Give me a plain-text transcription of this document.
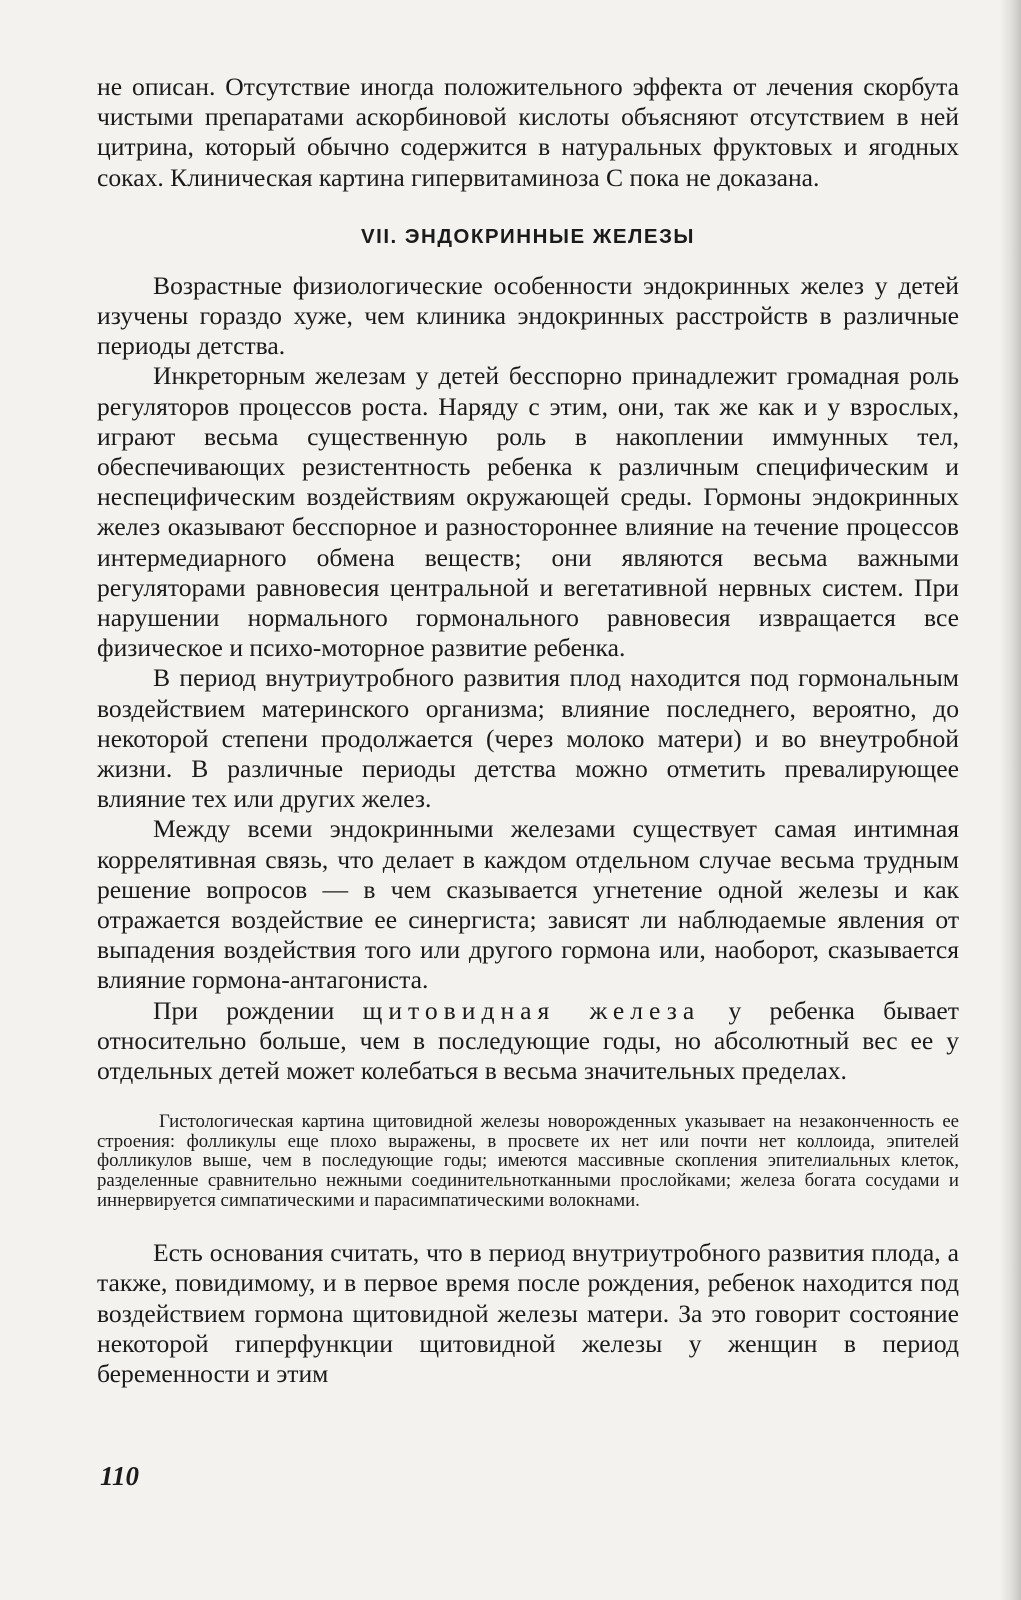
не описан. Отсутствие иногда положительного эффекта от лечения скорбута чистыми препаратами аскорбиновой кислоты объясняют отсутствием в ней цитрина, который обычно содержится в натуральных фруктовых и ягодных соках. Клиническая картина гипервитаминоза С пока не доказана.

VII. ЭНДОКРИННЫЕ ЖЕЛЕЗЫ

Возрастные физиологические особенности эндокринных желез у детей изучены гораздо хуже, чем клиника эндокринных расстройств в различные периоды детства.

Инкреторным железам у детей бесспорно принадлежит громадная роль регуляторов процессов роста. Наряду с этим, они, так же как и у взрослых, играют весьма существенную роль в накоплении иммунных тел, обеспечивающих резистентность ребенка к различным специфическим и неспецифическим воздействиям окружающей среды. Гормоны эндокринных желез оказывают бесспорное и разностороннее влияние на течение процессов интермедиарного обмена веществ; они являются весьма важными регуляторами равновесия центральной и вегетативной нервных систем. При нарушении нормального гормонального равновесия извращается все физическое и психо-моторное развитие ребенка.

В период внутриутробного развития плод находится под гормональным воздействием материнского организма; влияние последнего, вероятно, до некоторой степени продолжается (через молоко матери) и во внеутробной жизни. В различные периоды детства можно отметить превалирующее влияние тех или других желез.

Между всеми эндокринными железами существует самая интимная коррелятивная связь, что делает в каждом отдельном случае весьма трудным решение вопросов — в чем сказывается угнетение одной железы и как отражается воздействие ее синергиста; зависят ли наблюдаемые явления от выпадения воздействия того или другого гормона или, наоборот, сказывается влияние гормона-антагониста.

При рождении щитовидная железа у ребенка бывает относительно больше, чем в последующие годы, но абсолютный вес ее у отдельных детей может колебаться в весьма значительных пределах.

Гистологическая картина щитовидной железы новорожденных указывает на незаконченность ее строения: фолликулы еще плохо выражены, в просвете их нет или почти нет коллоида, эпителей фолликулов выше, чем в последующие годы; имеются массивные скопления эпителиальных клеток, разделенные сравнительно нежными соединительнотканными прослойками; железа богата сосудами и иннервируется симпатическими и парасимпатическими волокнами.

Есть основания считать, что в период внутриутробного развития плода, а также, повидимому, и в первое время после рождения, ребенок находится под воздействием гормона щитовидной железы матери. За это говорит состояние некоторой гиперфункции щитовидной железы у женщин в период беременности и этим

110
